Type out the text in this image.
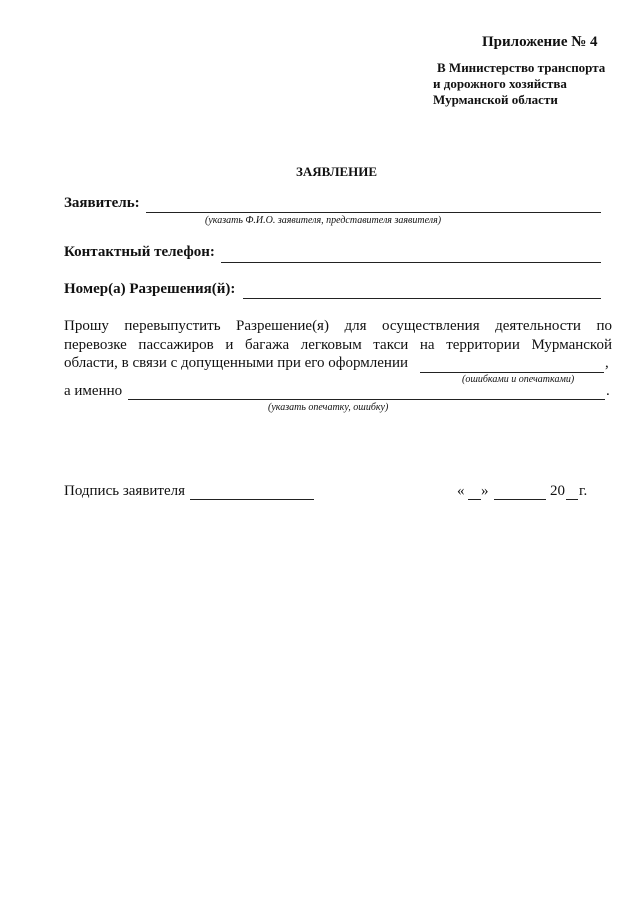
Приложение № 4
В Министерство транспорта
и дорожного хозяйства
Мурманской области
ЗАЯВЛЕНИЕ
Заявитель:
(указать Ф.И.О. заявителя, представителя заявителя)
Контактный телефон:
Номер(а) Разрешения(й):
Прошу перевыпустить Разрешение(я) для осуществления деятельности по
перевозке пассажиров и багажа легковым такси на территории Мурманской
области, в связи с допущенными при его оформлении	,
(ошибками и опечатками)
а именно	.
(указать опечатку, ошибку)
Подпись заявителя	« »	20 г.
